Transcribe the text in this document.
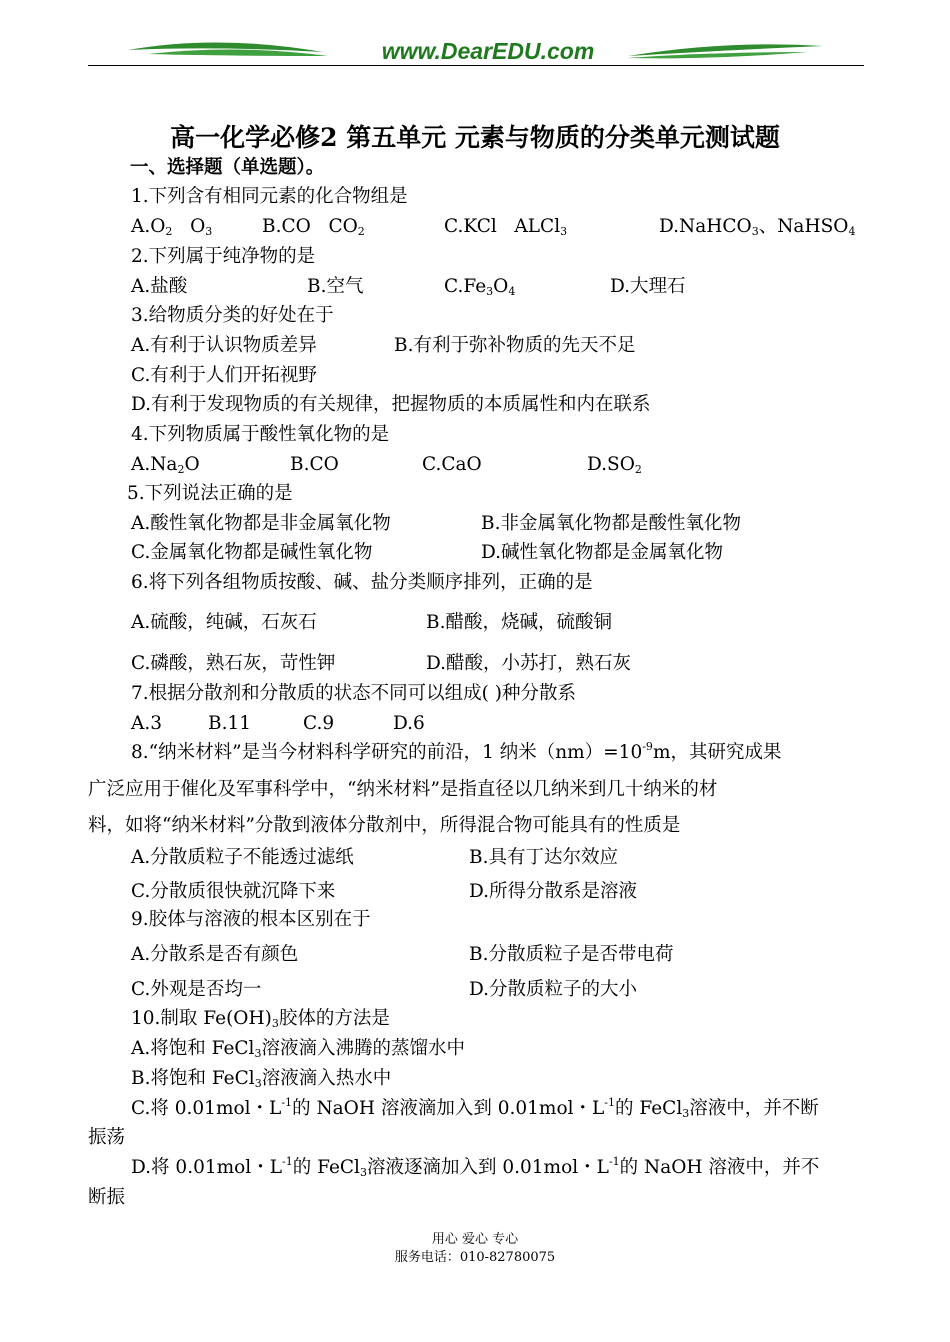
www.DearEDU.com
高一化学必修2 第五单元 元素与物质的分类单元测试题
一、选择题（单选题）。
1.下列含有相同元素的化合物组是
$A.O_2$   $O_3$	B.CO   $CO_2$	C.KCl   ALCl$_3$	D.NaHCO$_3$、NaHSO$_4$
2.下列属于纯净物的是
A.盐酸	B.空气	$C.Fe_3O_4$	D.大理石
3.给物质分类的好处在于
A.有利于认识物质差异	B.有利于弥补物质的先天不足
C.有利于人们开拓视野
D.有利于发现物质的有关规律，把握物质的本质属性和内在联系
4.下列物质属于酸性氧化物的是
$A.Na_2O$	B.CO	C.CaO	$D.SO_2$
5.下列说法正确的是
A.酸性氧化物都是非金属氧化物	B.非金属氧化物都是酸性氧化物
C.金属氧化物都是碱性氧化物	D.碱性氧化物都是金属氧化物
6.将下列各组物质按酸、碱、盐分类顺序排列，正确的是
A.硫酸，纯碱，石灰石	B.醋酸，烧碱，硫酸铜
C.磷酸，熟石灰，苛性钾	D.醋酸，小苏打，熟石灰
7.根据分散剂和分散质的状态不同可以组成( )种分散系
A.3 B.11	C.9	D.6
8.“纳米材料”是当今材料科学研究的前沿，1 纳米$(nm)=10^{-9}m$，其研究成果
广泛应用于催化及军事科学中，“纳米材料”是指直径以几纳米到几十纳米的材
料，如将“纳米材料”分散到液体分散剂中，所得混合物可能具有的性质是
A.分散质粒子不能透过滤纸	B.具有丁达尔效应
C.分散质很快就沉降下来	D.所得分散系是溶液
9.胶体与溶液的根本区别在于
A.分散系是否有颜色	B.分散质粒子是否带电荷
C.外观是否均一	D.分散质粒子的大小
10.制取 $Fe(OH)_3$胶体的方法是
A.将饱和 FeCl$_3$溶液滴入沸腾的蒸馏水中
B.将饱和 FeCl$_3$溶液滴入热水中
C.将 0.01mol・$L^{-1}$的 NaOH 溶液滴加入到 0.01mol・$L^{-1}$的 FeCl$_3$溶液中，并不断
振荡
D.将 0.01mol・$L^{-1}$的 FeCl$_3$溶液逐滴加入到 0.01mol・$L^{-1}$的 NaOH 溶液中，并不
断振
用心 爱心 专心
服务电话：010-82780075
